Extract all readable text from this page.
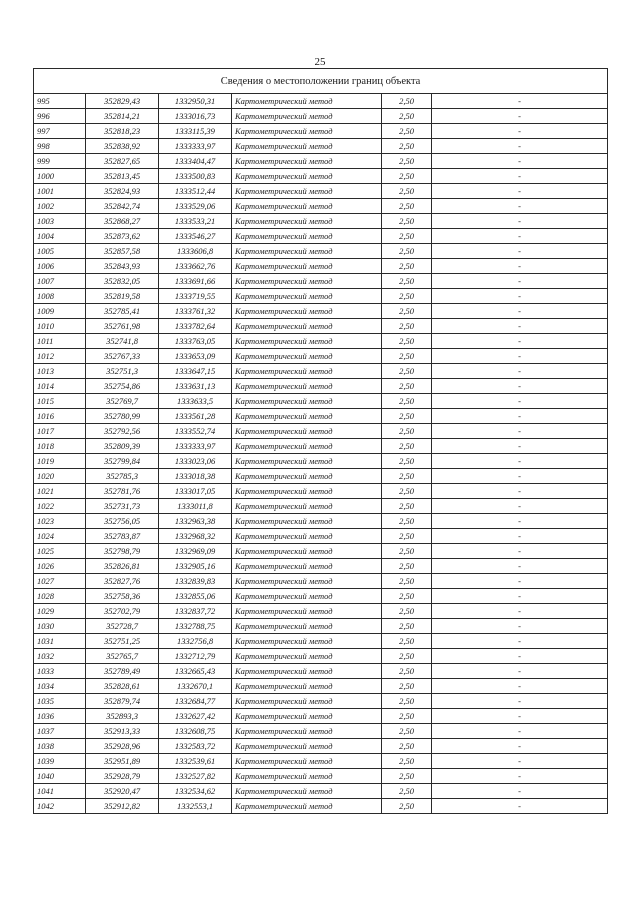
25
Сведения о местоположении границ объекта					
995	352829,43	1332950,31	Картометрический метод	2,50	-
996	352814,21	1333016,73	Картометрический метод	2,50	-
997	352818,23	1333115,39	Картометрический метод	2,50	-
998	352838,92	1333333,97	Картометрический метод	2,50	-
999	352827,65	1333404,47	Картометрический метод	2,50	-
1000	352813,45	1333500,83	Картометрический метод	2,50	-
1001	352824,93	1333512,44	Картометрический метод	2,50	-
1002	352842,74	1333529,06	Картометрический метод	2,50	-
1003	352868,27	1333533,21	Картометрический метод	2,50	-
1004	352873,62	1333546,27	Картометрический метод	2,50	-
1005	352857,58	1333606,8	Картометрический метод	2,50	-
1006	352843,93	1333662,76	Картометрический метод	2,50	-
1007	352832,05	1333691,66	Картометрический метод	2,50	-
1008	352819,58	1333719,55	Картометрический метод	2,50	-
1009	352785,41	1333761,32	Картометрический метод	2,50	-
1010	352761,98	1333782,64	Картометрический метод	2,50	-
1011	352741,8	1333763,05	Картометрический метод	2,50	-
1012	352767,33	1333653,09	Картометрический метод	2,50	-
1013	352751,3	1333647,15	Картометрический метод	2,50	-
1014	352754,86	1333631,13	Картометрический метод	2,50	-
1015	352769,7	1333633,5	Картометрический метод	2,50	-
1016	352780,99	1333561,28	Картометрический метод	2,50	-
1017	352792,56	1333552,74	Картометрический метод	2,50	-
1018	352809,39	1333333,97	Картометрический метод	2,50	-
1019	352799,84	1333023,06	Картометрический метод	2,50	-
1020	352785,3	1333018,38	Картометрический метод	2,50	-
1021	352781,76	1333017,05	Картометрический метод	2,50	-
1022	352731,73	1333011,8	Картометрический метод	2,50	-
1023	352756,05	1332963,38	Картометрический метод	2,50	-
1024	352783,87	1332968,32	Картометрический метод	2,50	-
1025	352798,79	1332969,09	Картометрический метод	2,50	-
1026	352826,81	1332905,16	Картометрический метод	2,50	-
1027	352827,76	1332839,83	Картометрический метод	2,50	-
1028	352758,36	1332855,06	Картометрический метод	2,50	-
1029	352702,79	1332837,72	Картометрический метод	2,50	-
1030	352728,7	1332788,75	Картометрический метод	2,50	-
1031	352751,25	1332756,8	Картометрический метод	2,50	-
1032	352765,7	1332712,79	Картометрический метод	2,50	-
1033	352789,49	1332665,43	Картометрический метод	2,50	-
1034	352828,61	1332670,1	Картометрический метод	2,50	-
1035	352879,74	1332684,77	Картометрический метод	2,50	-
1036	352893,3	1332627,42	Картометрический метод	2,50	-
1037	352913,33	1332608,75	Картометрический метод	2,50	-
1038	352928,96	1332583,72	Картометрический метод	2,50	-
1039	352951,89	1332539,61	Картометрический метод	2,50	-
1040	352928,79	1332527,82	Картометрический метод	2,50	-
1041	352920,47	1332534,62	Картометрический метод	2,50	-
1042	352912,82	1332553,1	Картометрический метод	2,50	-
